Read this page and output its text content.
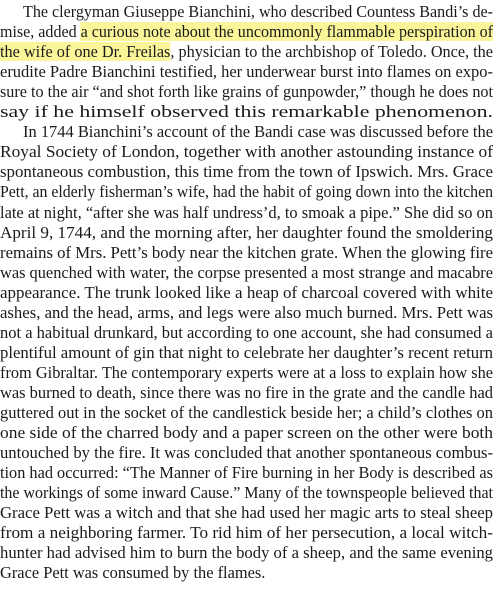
The clergyman Giuseppe Bianchini, who described Countess Bandi’s de-
mise, added a curious note about the uncommonly flammable perspiration of
the wife of one Dr. Freilas, physician to the archbishop of Toledo. Once, the
erudite Padre Bianchini testified, her underwear burst into flames on expo-
sure to the air “and shot forth like grains of gunpowder,” though he does not
say if he himself observed this remarkable phenomenon.
In 1744 Bianchini’s account of the Bandi case was discussed before the
Royal Society of London, together with another astounding instance of
spontaneous combustion, this time from the town of Ipswich. Mrs. Grace
Pett, an elderly fisherman’s wife, had the habit of going down into the kitchen
late at night, “after she was half undress’d, to smoak a pipe.” She did so on
April 9, 1744, and the morning after, her daughter found the smoldering
remains of Mrs. Pett’s body near the kitchen grate. When the glowing fire
was quenched with water, the corpse presented a most strange and macabre
appearance. The trunk looked like a heap of charcoal covered with white
ashes, and the head, arms, and legs were also much burned. Mrs. Pett was
not a habitual drunkard, but according to one account, she had consumed a
plentiful amount of gin that night to celebrate her daughter’s recent return
from Gibraltar. The contemporary experts were at a loss to explain how she
was burned to death, since there was no fire in the grate and the candle had
guttered out in the socket of the candlestick beside her; a child’s clothes on
one side of the charred body and a paper screen on the other were both
untouched by the fire. It was concluded that another spontaneous combus-
tion had occurred: “The Manner of Fire burning in her Body is described as
the workings of some inward Cause.” Many of the townspeople believed that
Grace Pett was a witch and that she had used her magic arts to steal sheep
from a neighboring farmer. To rid him of her persecution, a local witch-
hunter had advised him to burn the body of a sheep, and the same evening
Grace Pett was consumed by the flames.
